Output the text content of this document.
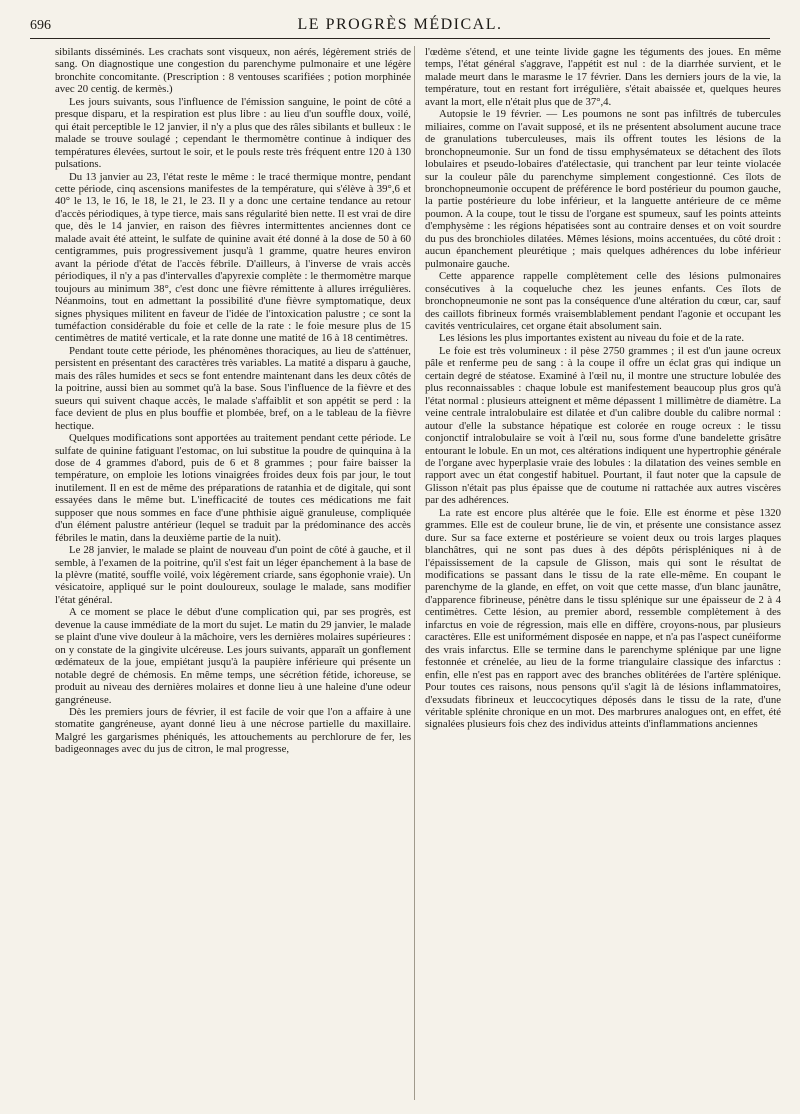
696	LE PROGRÈS MÉDICAL.

sibilants disséminés. Les crachats sont visqueux, non aérés, légèrement striés de sang. On diagnostique une congestion du parenchyme pulmonaire et une légère bronchite concomitante. (Prescription : 8 ventouses scarifiées ; potion morphinée avec 20 centig. de kermès.)

Les jours suivants, sous l'influence de l'émission sanguine, le point de côté a presque disparu, et la respiration est plus libre : au lieu d'un souffle doux, voilé, qui était perceptible le 12 janvier, il n'y a plus que des râles sibilants et bulleux : le malade se trouve soulagé ; cependant le thermomètre continue à indiquer des températures élevées, surtout le soir, et le pouls reste très fréquent entre 120 à 130 pulsations.

Du 13 janvier au 23, l'état reste le même : le tracé thermique montre, pendant cette période, cinq ascensions manifestes de la température, qui s'élève à 39°,6 et 40° le 13, le 16, le 18, le 21, le 23. Il y a donc une certaine tendance au retour d'accès périodiques, à type tierce, mais sans régularité bien nette. Il est vrai de dire que, dès le 14 janvier, en raison des fièvres intermittentes anciennes dont ce malade avait été atteint, le sulfate de quinine avait été donné à la dose de 50 à 60 centigrammes, puis progressivement jusqu'à 1 gramme, quatre heures environ avant la période d'état de l'accès fébrile. D'ailleurs, à l'inverse de vrais accès périodiques, il n'y a pas d'intervalles d'apyrexie complète : le thermomètre marque toujours au minimum 38°, c'est donc une fièvre rémittente à allures irrégulières. Néanmoins, tout en admettant la possibilité d'une fièvre symptomatique, deux signes physiques militent en faveur de l'idée de l'intoxication palustre ; ce sont la tuméfaction considérable du foie et celle de la rate : le foie mesure plus de 15 centimètres de matité verticale, et la rate donne une matité de 16 à 18 centimètres.

Pendant toute cette période, les phénomènes thoraciques, au lieu de s'atténuer, persistent en présentant des caractères très variables. La matité a disparu à gauche, mais des râles humides et secs se font entendre maintenant dans les deux côtés de la poitrine, aussi bien au sommet qu'à la base. Sous l'influence de la fièvre et des sueurs qui suivent chaque accès, le malade s'affaiblit et son appétit se perd : la face devient de plus en plus bouffie et plombée, bref, on a le tableau de la fièvre hectique.

Quelques modifications sont apportées au traitement pendant cette période. Le sulfate de quinine fatiguant l'estomac, on lui substitue la poudre de quinquina à la dose de 4 grammes d'abord, puis de 6 et 8 grammes ; pour faire baisser la température, on emploie les lotions vinaigrées froides deux fois par jour, le tout inutilement. Il en est de même des préparations de ratanhia et de digitale, qui sont essayées dans le même but. L'inefficacité de toutes ces médications me fait supposer que nous sommes en face d'une phthisie aiguë granuleuse, compliquée d'un élément palustre antérieur (lequel se traduit par la prédominance des accès fébriles le matin, dans la deuxième partie de la nuit).

Le 28 janvier, le malade se plaint de nouveau d'un point de côté à gauche, et il semble, à l'examen de la poitrine, qu'il s'est fait un léger épanchement à la base de la plèvre (matité, souffle voilé, voix légèrement criarde, sans égophonie vraie). Un vésicatoire, appliqué sur le point douloureux, soulage le malade, sans modifier l'état général.

A ce moment se place le début d'une complication qui, par ses progrès, est devenue la cause immédiate de la mort du sujet. Le matin du 29 janvier, le malade se plaint d'une vive douleur à la mâchoire, vers les dernières molaires supérieures : on y constate de la gingivite ulcéreuse. Les jours suivants, apparaît un gonflement œdémateux de la joue, empiétant jusqu'à la paupière inférieure qui présente un notable degré de chémosis. En même temps, une sécrétion fétide, ichoreuse, se produit au niveau des dernières molaires et donne lieu à une haleine d'une odeur gangréneuse.

Dès les premiers jours de février, il est facile de voir que l'on a affaire à une stomatite gangréneuse, ayant donné lieu à une nécrose partielle du maxillaire. Malgré les gargarismes phéniqués, les attouchements au perchlorure de fer, les badigeonnages avec du jus de citron, le mal progresse,

l'œdème s'étend, et une teinte livide gagne les téguments des joues. En même temps, l'état général s'aggrave, l'appétit est nul : de la diarrhée survient, et le malade meurt dans le marasme le 17 février. Dans les derniers jours de la vie, la température, tout en restant fort irrégulière, s'était abaissée et, quelques heures avant la mort, elle n'était plus que de 37°,4.

Autopsie le 19 février. — Les poumons ne sont pas infiltrés de tubercules miliaires, comme on l'avait supposé, et ils ne présentent absolument aucune trace de granulations tuberculeuses, mais ils offrent toutes les lésions de la bronchopneumonie. Sur un fond de tissu emphysémateux se détachent des îlots lobulaires et pseudo-lobaires d'atélectasie, qui tranchent par leur teinte violacée sur la couleur pâle du parenchyme simplement congestionné. Ces îlots de bronchopneumonie occupent de préférence le bord postérieur du poumon gauche, la partie postérieure du lobe inférieur, et la languette antérieure de ce même poumon. A la coupe, tout le tissu de l'organe est spumeux, sauf les points atteints d'emphysème : les régions hépatisées sont au contraire denses et on voit sourdre du pus des bronchioles dilatées. Mêmes lésions, moins accentuées, du côté droit : aucun épanchement pleurétique ; mais quelques adhérences du lobe inférieur pulmonaire gauche.

Cette apparence rappelle complètement celle des lésions pulmonaires consécutives à la coqueluche chez les jeunes enfants. Ces îlots de bronchopneumonie ne sont pas la conséquence d'une altération du cœur, car, sauf des caillots fibrineux formés vraisemblablement pendant l'agonie et occupant les cavités ventriculaires, cet organe était absolument sain.

Les lésions les plus importantes existent au niveau du foie et de la rate.

Le foie est très volumineux : il pèse 2750 grammes ; il est d'un jaune ocreux pâle et renferme peu de sang : à la coupe il offre un éclat gras qui indique un certain degré de stéatose. Examiné à l'œil nu, il montre une structure lobulée des plus reconnaissables : chaque lobule est manifestement beaucoup plus gros qu'à l'état normal : plusieurs atteignent et même dépassent 1 millimètre de diamètre. La veine centrale intralobulaire est dilatée et d'un calibre double du calibre normal : autour d'elle la substance hépatique est colorée en rouge ocreux : le tissu conjonctif intralobulaire se voit à l'œil nu, sous forme d'une bandelette grisâtre entourant le lobule. En un mot, ces altérations indiquent une hypertrophie générale de l'organe avec hyperplasie vraie des lobules : la dilatation des veines semble en rapport avec un état congestif habituel. Pourtant, il faut noter que la capsule de Glisson n'était pas plus épaisse que de coutume ni rattachée aux autres viscères par des adhérences.

La rate est encore plus altérée que le foie. Elle est énorme et pèse 1320 grammes. Elle est de couleur brune, lie de vin, et présente une consistance assez dure. Sur sa face externe et postérieure se voient deux ou trois larges plaques blanchâtres, qui ne sont pas dues à des dépôts périspléniques ni à de l'épaississement de la capsule de Glisson, mais qui sont le résultat de modifications se passant dans le tissu de la rate elle-même. En coupant le parenchyme de la glande, en effet, on voit que cette masse, d'un blanc jaunâtre, d'apparence fibrineuse, pénètre dans le tissu splénique sur une épaisseur de 2 à 4 centimètres. Cette lésion, au premier abord, ressemble complètement à des infarctus en voie de régression, mais elle en diffère, croyons-nous, par plusieurs caractères. Elle est uniformément disposée en nappe, et n'a pas l'aspect cunéiforme des vrais infarctus. Elle se termine dans le parenchyme splénique par une ligne festonnée et crénelée, au lieu de la forme triangulaire classique des infarctus : enfin, elle n'est pas en rapport avec des branches oblitérées de l'artère splénique. Pour toutes ces raisons, nous pensons qu'il s'agit là de lésions inflammatoires, d'exsudats fibrineux et leuccocytiques déposés dans le tissu de la rate, d'une véritable splénite chronique en un mot. Des marbrures analogues ont, en effet, été signalées plusieurs fois chez des individus atteints d'inflammations anciennes
